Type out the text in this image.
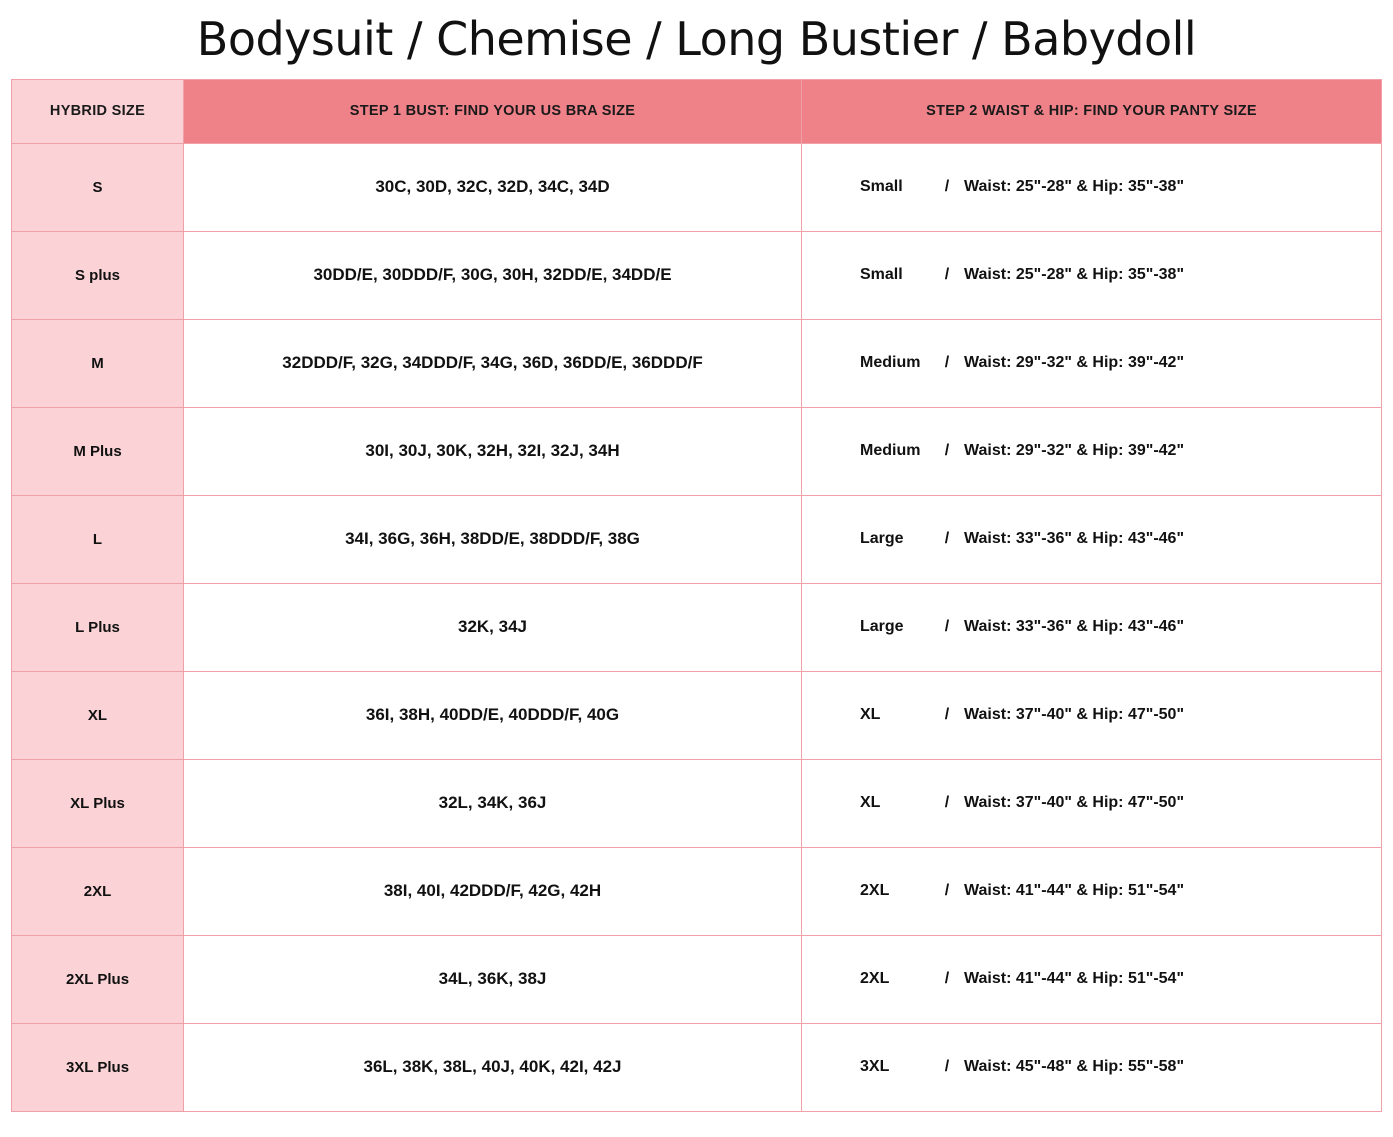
Bodysuit / Chemise / Long Bustier / Babydoll
HYBRID SIZE	STEP 1 BUST: FIND YOUR US BRA SIZE	STEP 2 WAIST & HIP: FIND YOUR PANTY SIZE
S	30C, 30D, 32C, 32D, 34C, 34D	Small / Waist: 25"-28" & Hip: 35"-38"

S plus	30DD/E, 30DDD/F, 30G, 30H, 32DD/E, 34DD/E	Small / Waist: 25"-28" & Hip: 35"-38"

M	32DDD/F, 32G, 34DDD/F, 34G, 36D, 36DD/E, 36DDD/F	Medium / Waist: 29"-32" & Hip: 39"-42"

M Plus	30I, 30J, 30K, 32H, 32I, 32J, 34H	Medium / Waist: 29"-32" & Hip: 39"-42"

L	34I, 36G, 36H, 38DD/E, 38DDD/F, 38G	Large / Waist: 33"-36" & Hip: 43"-46"

L Plus	32K, 34J	Large / Waist: 33"-36" & Hip: 43"-46"

XL	36I, 38H, 40DD/E, 40DDD/F, 40G	XL / Waist: 37"-40" & Hip: 47"-50"

XL Plus	32L, 34K, 36J	XL / Waist: 37"-40" & Hip: 47"-50"

2XL	38I, 40I, 42DDD/F, 42G, 42H	2XL / Waist: 41"-44" & Hip: 51"-54"

2XL Plus	34L, 36K, 38J	2XL / Waist: 41"-44" & Hip: 51"-54"

3XL Plus	36L, 38K, 38L, 40J, 40K, 42I, 42J	3XL / Waist: 45"-48" & Hip: 55"-58"
